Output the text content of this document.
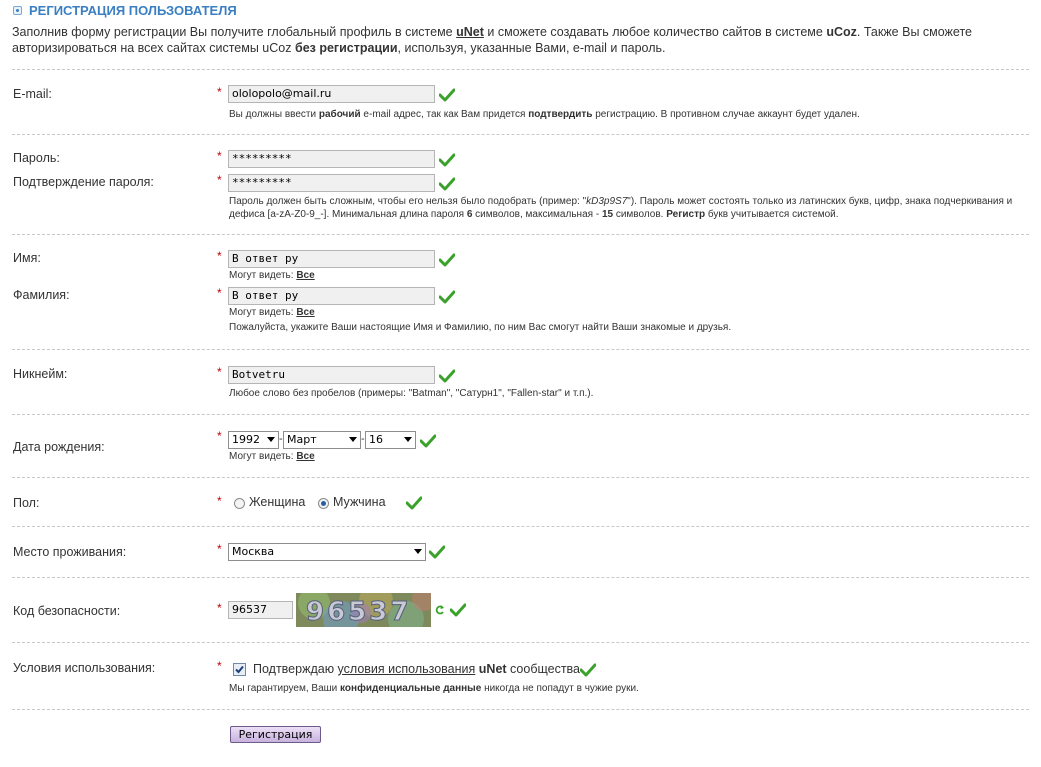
РЕГИСТРАЦИЯ ПОЛЬЗОВАТЕЛЯ
Заполнив форму регистрации Вы получите глобальный профиль в системе uNet и сможете создавать любое количество сайтов в системе uCoz. Также Вы сможете авторизироваться на всех сайтах системы uCoz без регистрации, используя, указанные Вами, e-mail и пароль.
E-mail:	* ololopolo@mail.ru
Вы должны ввести рабочий e-mail адрес, так как Вам придется подтвердить регистрацию. В противном случае аккаунт будет удален.
Пароль:	* *********
Подтверждение пароля:	* *********
Пароль должен быть сложным, чтобы его нельзя было подобрать (пример: "kD3p9S7"). Пароль может состоять только из латинских букв, цифр, знака подчеркивания и дефиса [a-zA-Z0-9_-]. Минимальная длина пароля 6 символов, максимальная - 15 символов. Регистр букв учитывается системой.
Имя:	* В ответ ру
Могут видеть: Все
Фамилия:	* В ответ ру
Могут видеть: Все
Пожалуйста, укажите Ваши настоящие Имя и Фамилию, по ним Вас смогут найти Ваши знакомые и друзья.
Никнейм:	* Botvetru
Любое слово без пробелов (примеры: "Batman", "Сатурн1", "Fallen-star" и т.п.).
Дата рождения:
* 1992	- Март	- 16
Могут видеть: Все
Пол:	* Женщина Мужчина
Место проживания:	* Москва
Код безопасности:	* 96537	96537
Условия использования:	*	Подтверждаю условия использования uNet сообщества
Мы гарантируем, Ваши конфиденциальные данные никогда не попадут в чужие руки.
Регистрация
